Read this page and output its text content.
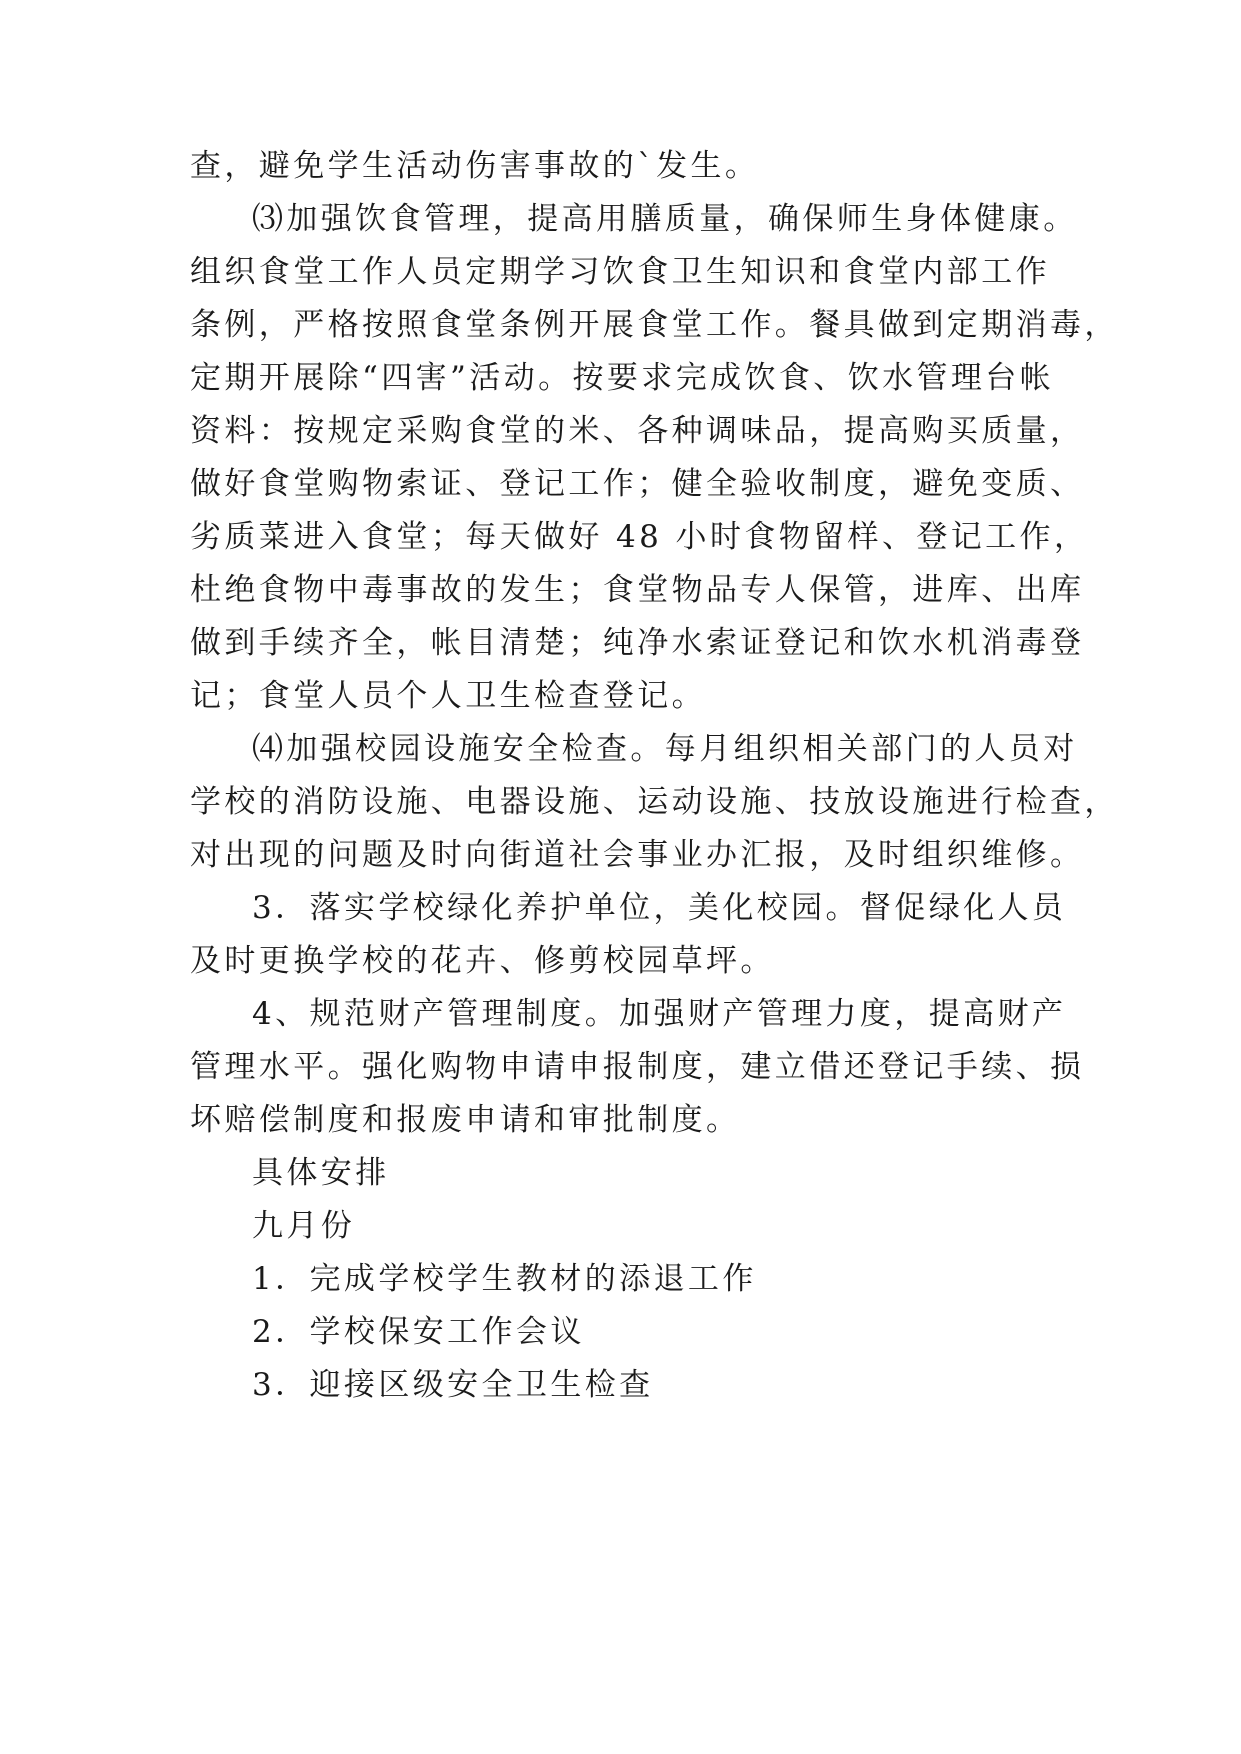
查，避免学生活动伤害事故的`发生。

⑶加强饮食管理，提高用膳质量，确保师生身体健康。

组织食堂工作人员定期学习饮食卫生知识和食堂内部工作

条例，严格按照食堂条例开展食堂工作。餐具做到定期消毒，

定期开展除“四害”活动。按要求完成饮食、饮水管理台帐

资料：按规定采购食堂的米、各种调味品，提高购买质量，

做好食堂购物索证、登记工作；健全验收制度，避免变质、

劣质菜进入食堂；每天做好 48 小时食物留样、登记工作，

杜绝食物中毒事故的发生；食堂物品专人保管，进库、出库

做到手续齐全，帐目清楚；纯净水索证登记和饮水机消毒登

记；食堂人员个人卫生检查登记。

⑷加强校园设施安全检查。每月组织相关部门的人员对

学校的消防设施、电器设施、运动设施、技放设施进行检查，

对出现的问题及时向街道社会事业办汇报，及时组织维修。

3．落实学校绿化养护单位，美化校园。督促绿化人员

及时更换学校的花卉、修剪校园草坪。

4、规范财产管理制度。加强财产管理力度，提高财产

管理水平。强化购物申请申报制度，建立借还登记手续、损

坏赔偿制度和报废申请和审批制度。

具体安排

九月份

1．完成学校学生教材的添退工作

2．学校保安工作会议

3．迎接区级安全卫生检查
